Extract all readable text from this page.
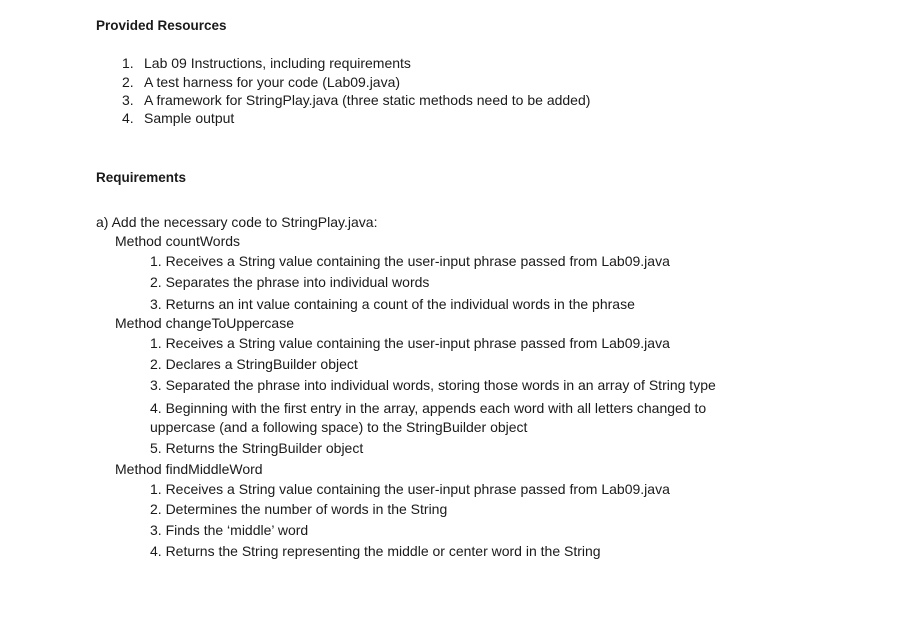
Provided Resources
1. Lab 09 Instructions, including requirements
2. A test harness for your code (Lab09.java)
3. A framework for StringPlay.java (three static methods need to be added)
4. Sample output
Requirements
a) Add the necessary code to StringPlay.java:
Method countWords
1. Receives a String value containing the user-input phrase passed from Lab09.java
2. Separates the phrase into individual words
3. Returns an int value containing a count of the individual words in the phrase
Method changeToUppercase
1. Receives a String value containing the user-input phrase passed from Lab09.java
2. Declares a StringBuilder object
3. Separated the phrase into individual words, storing those words in an array of String type
4. Beginning with the first entry in the array, appends each word with all letters changed to
uppercase (and a following space) to the StringBuilder object
5. Returns the StringBuilder object
Method findMiddleWord
1. Receives a String value containing the user-input phrase passed from Lab09.java
2. Determines the number of words in the String
3. Finds the ‘middle’ word
4. Returns the String representing the middle or center word in the String
